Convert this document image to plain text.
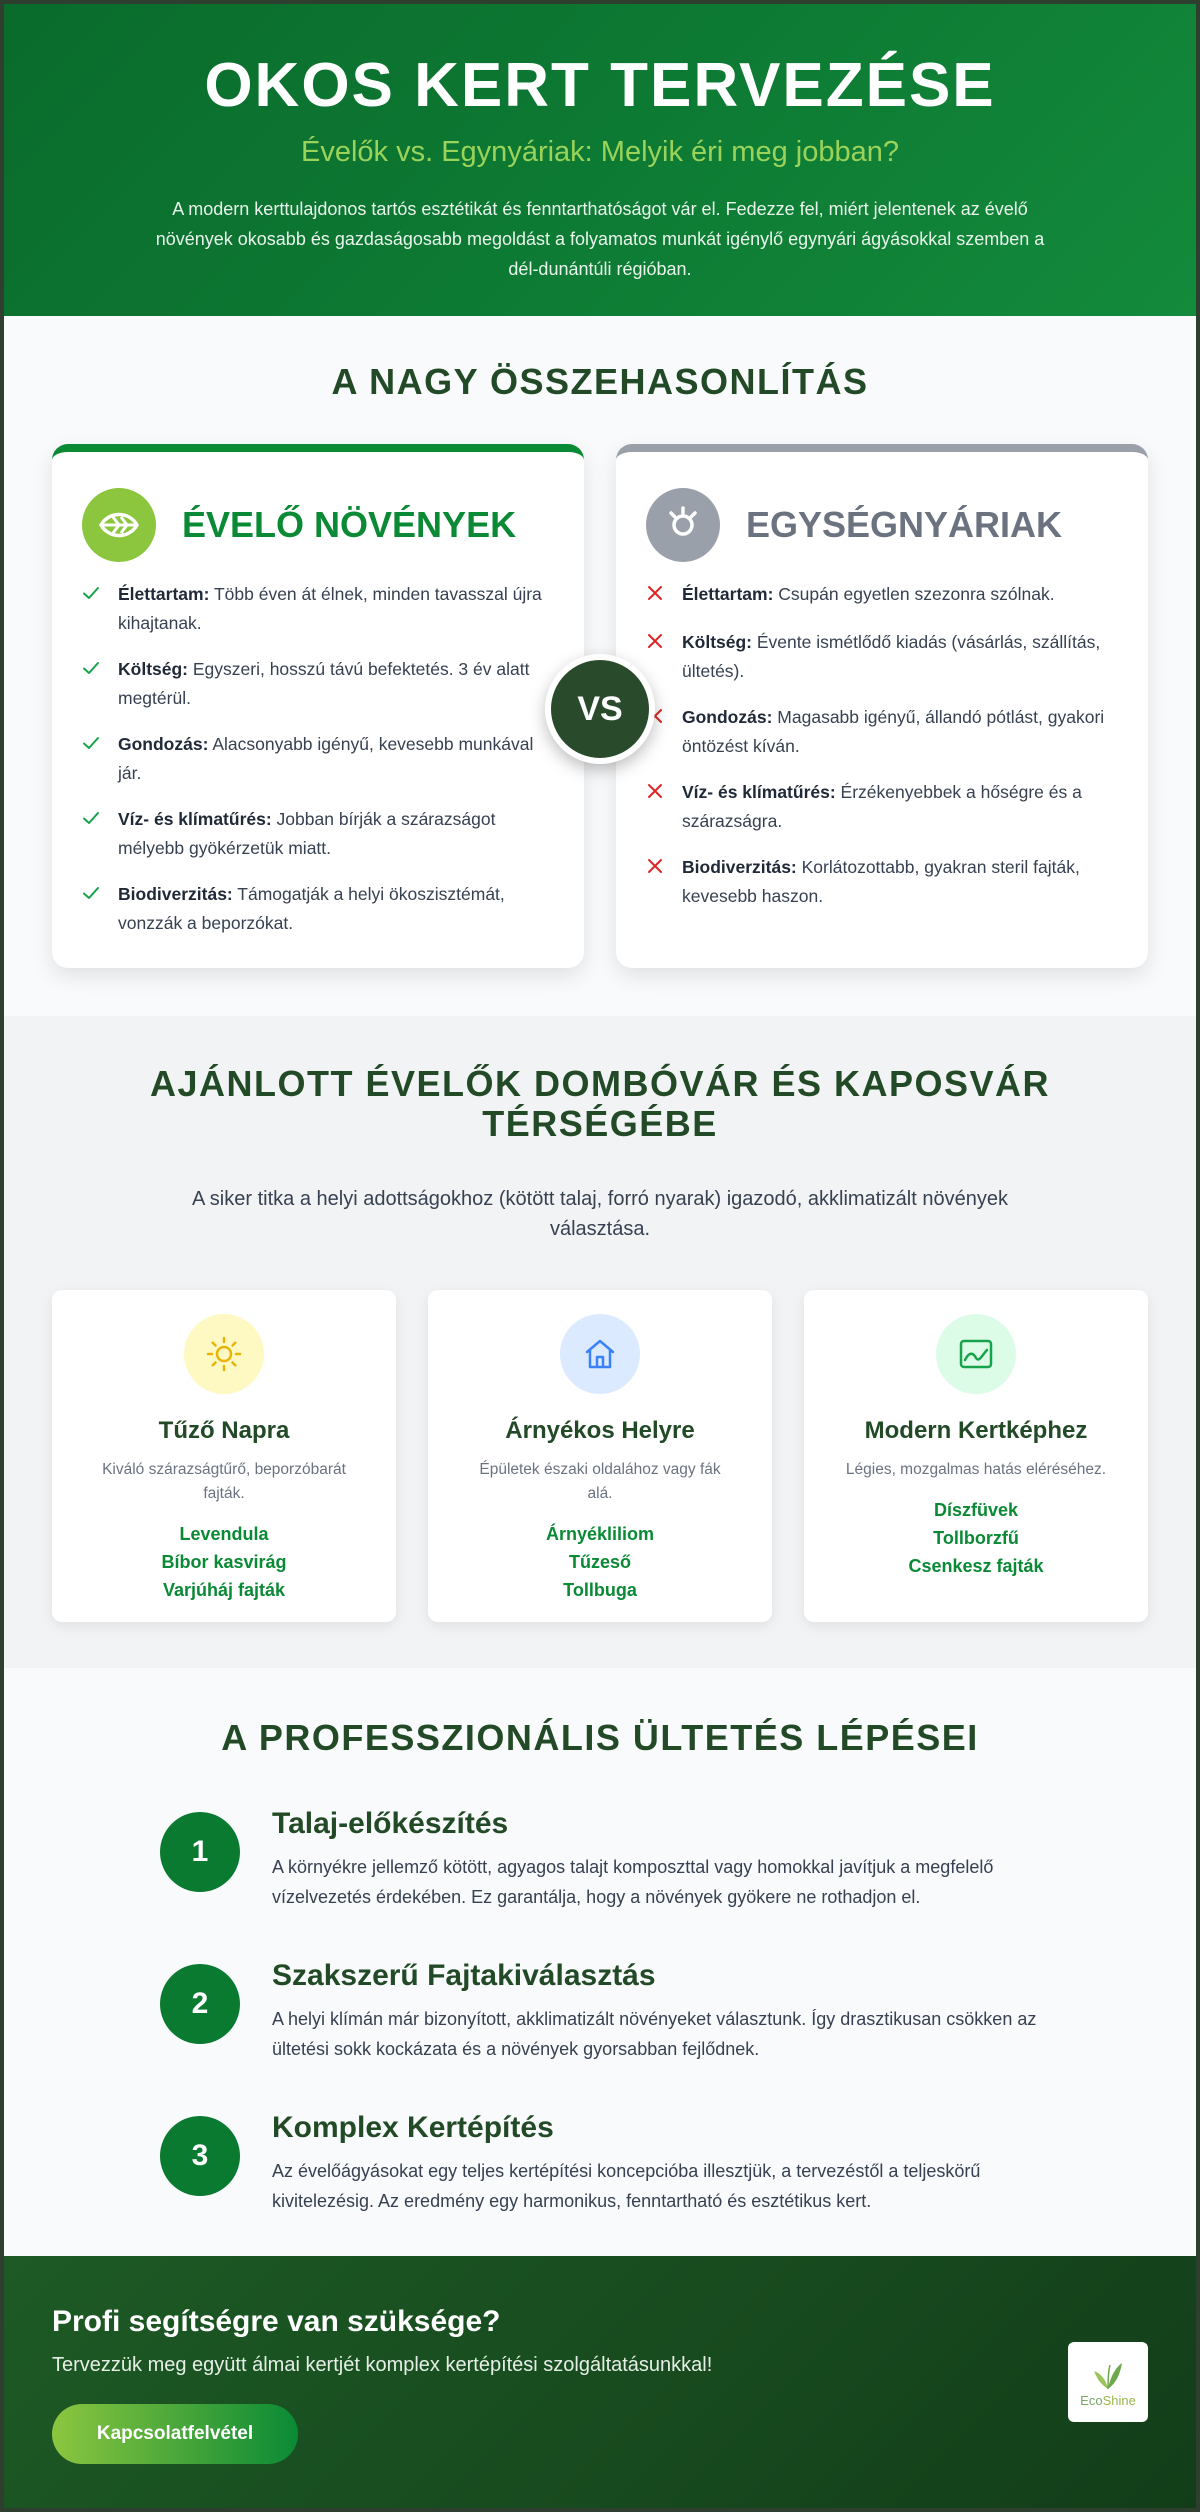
OKOS KERT TERVEZÉSE
Évelők vs. Egynyáriak: Melyik éri meg jobban?

A modern kerttulajdonos tartós esztétikát és fenntarthatóságot vár el. Fedezze fel, miért jelentenek az évelő növények okosabb és gazdaságosabb megoldást a folyamatos munkát igénylő egynyári ágyásokkal szemben a dél-dunántúli régióban.

A NAGY ÖSSZEHASONLÍTÁS
ÉVELŐ NÖVÉNYEK
Élettartam: Több éven át élnek, minden tavasszal újra kihajtanak.
Költség: Egyszeri, hosszú távú befektetés. 3 év alatt megtérül.
Gondozás: Alacsonyabb igényű, kevesebb munkával jár.
Víz- és klímatűrés: Jobban bírják a szárazságot mélyebb gyökérzetük miatt.
Biodiverzitás: Támogatják a helyi ökoszisztémát, vonzzák a beporzókat.
VS
EGYSÉGNYÁRIAK
Élettartam: Csupán egyetlen szezonra szólnak.
Költség: Évente ismétlődő kiadás (vásárlás, szállítás, ültetés).
Gondozás: Magasabb igényű, állandó pótlást, gyakori öntözést kíván.
Víz- és klímatűrés: Érzékenyebbek a hőségre és a szárazságra.
Biodiverzitás: Korlátozottabb, gyakran steril fajták, kevesebb haszon.
AJÁNLOTT ÉVELŐK DOMBÓVÁR ÉS KAPOSVÁR TÉRSÉGÉBE

A siker titka a helyi adottságokhoz (kötött talaj, forró nyarak) igazodó, akklimatizált növények választása.

Tűző Napra
Kiváló szárazságtűrő, beporzóbarát fajták.
Levendula
Bíbor kasvirág
Varjúháj fajták
Árnyékos Helyre
Épületek északi oldalához vagy fák alá.
Árnyékliliom
Tűzeső
Tollbuga
Modern Kertképhez
Légies, mozgalmas hatás eléréséhez.
Díszfüvek
Tollborzfű
Csenkesz fajták
A PROFESSZIONÁLIS ÜLTETÉS LÉPÉSEI
1
Talaj-előkészítés

A környékre jellemző kötött, agyagos talajt komposzttal vagy homokkal javítjuk a megfelelő vízelvezetés érdekében. Ez garantálja, hogy a növények gyökere ne rothadjon el.

2
Szakszerű Fajtakiválasztás

A helyi klímán már bizonyított, akklimatizált növényeket választunk. Így drasztikusan csökken az ültetési sokk kockázata és a növények gyorsabban fejlődnek.

3
Komplex Kertépítés

Az évelőágyásokat egy teljes kertépítési koncepcióba illesztjük, a tervezéstől a teljeskörű kivitelezésig. Az eredmény egy harmonikus, fenntartható és esztétikus kert.

Profi segítségre van szüksége?

Tervezzük meg együtt álmai kertjét komplex kertépítési szolgáltatásunkkal!

Kapcsolatfelvétel
EcoShine
